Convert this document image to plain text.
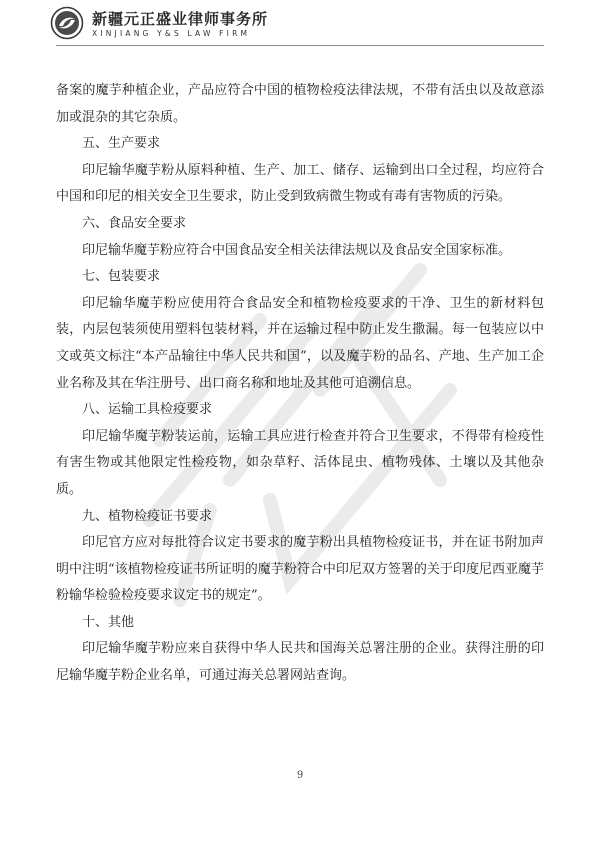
新疆元正盛业律师事务所
XINJIANG Y&S LAW FIRM

备案的魔芋种植企业，产品应符合中国的植物检疫法律法规，不带有活虫以及故意添加或混杂的其它杂质。

五、生产要求

印尼输华魔芋粉从原料种植、生产、加工、储存、运输到出口全过程，均应符合中国和印尼的相关安全卫生要求，防止受到致病微生物或有毒有害物质的污染。

六、食品安全要求

印尼输华魔芋粉应符合中国食品安全相关法律法规以及食品安全国家标准。

七、包装要求

印尼输华魔芋粉应使用符合食品安全和植物检疫要求的干净、卫生的新材料包装，内层包装须使用塑料包装材料，并在运输过程中防止发生撒漏。每一包装应以中文或英文标注“本产品输往中华人民共和国”，以及魔芋粉的品名、产地、生产加工企业名称及其在华注册号、出口商名称和地址及其他可追溯信息。

八、运输工具检疫要求

印尼输华魔芋粉装运前，运输工具应进行检查并符合卫生要求，不得带有检疫性有害生物或其他限定性检疫物，如杂草籽、活体昆虫、植物残体、土壤以及其他杂质。

九、植物检疫证书要求

印尼官方应对每批符合议定书要求的魔芋粉出具植物检疫证书，并在证书附加声明中注明“该植物检疫证书所证明的魔芋粉符合中印尼双方签署的关于印度尼西亚魔芋粉输华检验检疫要求议定书的规定”。

十、其他

印尼输华魔芋粉应来自获得中华人民共和国海关总署注册的企业。获得注册的印尼输华魔芋粉企业名单，可通过海关总署网站查询。

9
